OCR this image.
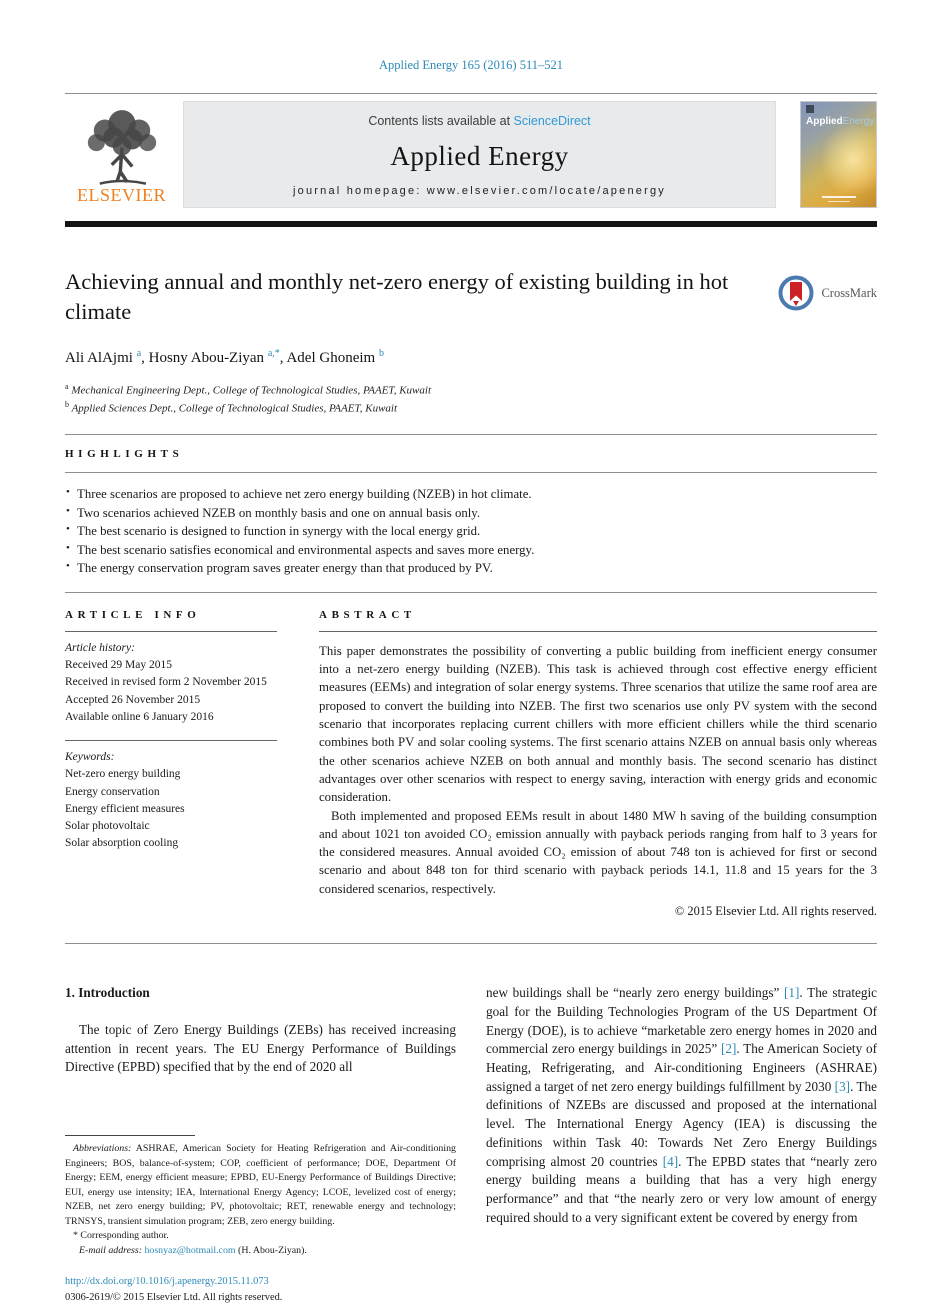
Applied Energy 165 (2016) 511–521
ELSEVIER
Contents lists available at ScienceDirect
Applied Energy
journal homepage: www.elsevier.com/locate/apenergy
AppliedEnergy
Achieving annual and monthly net-zero energy of existing building in hot climate
CrossMark
Ali AlAjmi $^a$, Hosny Abou-Ziyan $^{a,*}$, Adel Ghoneim $^b$
$^a$ Mechanical Engineering Dept., College of Technological Studies, PAAET, Kuwait
$^b$ Applied Sciences Dept., College of Technological Studies, PAAET, Kuwait
HIGHLIGHTS
• Three scenarios are proposed to achieve net zero energy building (NZEB) in hot climate.
• Two scenarios achieved NZEB on monthly basis and one on annual basis only.
• The best scenario is designed to function in synergy with the local energy grid.
• The best scenario satisfies economical and environmental aspects and saves more energy.
• The energy conservation program saves greater energy than that produced by PV.
ARTICLE INFO
Article history:
Received 29 May 2015
Received in revised form 2 November 2015
Accepted 26 November 2015
Available online 6 January 2016
Keywords:
Net-zero energy building
Energy conservation
Energy efficient measures
Solar photovoltaic
Solar absorption cooling
ABSTRACT

This paper demonstrates the possibility of converting a public building from inefficient energy consumer into a net-zero energy building (NZEB). This task is achieved through cost effective energy efficient measures (EEMs) and integration of solar energy systems. Three scenarios that utilize the same roof area are proposed to convert the building into NZEB. The first two scenarios use only PV system with the second scenario that incorporates replacing current chillers with more efficient chillers while the third scenario combines both PV and solar cooling systems. The first scenario attains NZEB on annual basis only whereas the other scenarios achieve NZEB on both annual and monthly basis. The second scenario has distinct advantages over other scenarios with respect to energy saving, interaction with energy grids and economic consideration.

Both implemented and proposed EEMs result in about 1480 MW h saving of the building consumption and about 1021 ton avoided CO₂ emission annually with payback periods ranging from half to 3 years for the considered measures. Annual avoided CO₂ emission of about 748 ton is achieved for first or second scenario and about 848 ton for third scenario with payback periods 14.1, 11.8 and 15 years for the 3 considered scenarios, respectively.

© 2015 Elsevier Ltd. All rights reserved.
1. Introduction

The topic of Zero Energy Buildings (ZEBs) has received increasing attention in recent years. The EU Energy Performance of Buildings Directive (EPBD) specified that by the end of 2020 all

Abbreviations: ASHRAE, American Society for Heating Refrigeration and Air-conditioning Engineers; BOS, balance-of-system; COP, coefficient of performance; DOE, Department Of Energy; EEM, energy efficient measure; EPBD, EU-Energy Performance of Buildings Directive; EUI, energy use intensity; IEA, International Energy Agency; LCOE, levelized cost of energy; NZEB, net zero energy building; PV, photovoltaic; RET, renewable energy and technology; TRNSYS, transient simulation program; ZEB, zero energy building.
* Corresponding author.
E-mail address: hosnyaz@hotmail.com (H. Abou-Ziyan).
http://dx.doi.org/10.1016/j.apenergy.2015.11.073
0306-2619/© 2015 Elsevier Ltd. All rights reserved.

new buildings shall be “nearly zero energy buildings” [1]. The strategic goal for the Building Technologies Program of the US Department Of Energy (DOE), is to achieve “marketable zero energy homes in 2020 and commercial zero energy buildings in 2025” [2]. The American Society of Heating, Refrigerating, and Air-conditioning Engineers (ASHRAE) assigned a target of net zero energy buildings fulfillment by 2030 [3]. The definitions of NZEBs are discussed and proposed at the international level. The International Energy Agency (IEA) is discussing the definitions within Task 40: Towards Net Zero Energy Buildings comprising almost 20 countries [4]. The EPBD states that “nearly zero energy building means a building that has a very high energy performance” and that “the nearly zero or very low amount of energy required should to a very significant extent be covered by energy from
